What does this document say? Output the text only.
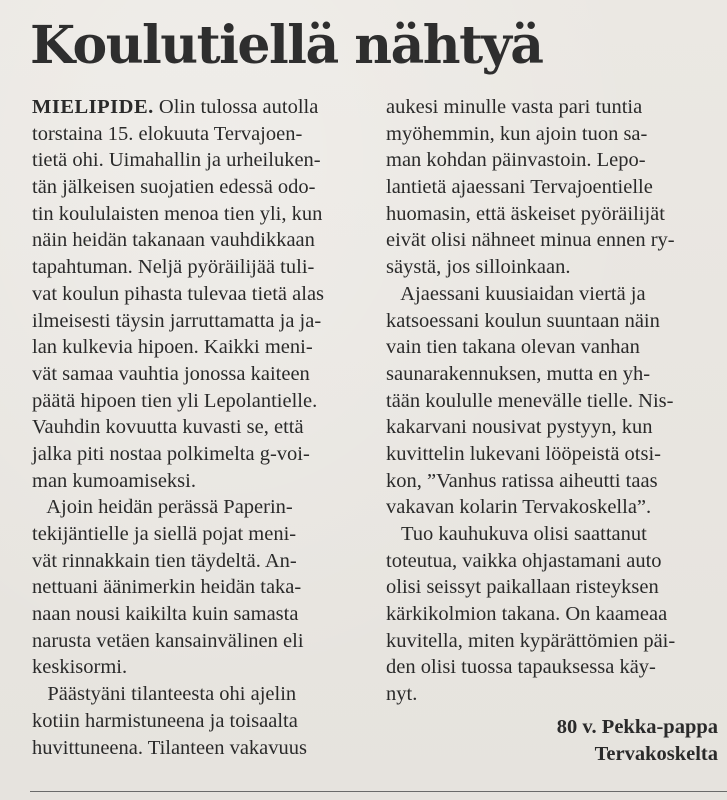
Koulutiellä nähtyä
MIELIPIDE. Olin tulossa autolla
torstaina 15. elokuuta Tervajoen-
tietä ohi. Uimahallin ja urheiluken-
tän jälkeisen suojatien edessä odo-
tin koululaisten menoa tien yli, kun
näin heidän takanaan vauhdikkaan
tapahtuman. Neljä pyöräilijää tuli-
vat koulun pihasta tulevaa tietä alas
ilmeisesti täysin jarruttamatta ja ja-
lan kulkevia hipoen. Kaikki meni-
vät samaa vauhtia jonossa kaiteen
päätä hipoen tien yli Lepolantielle.
Vauhdin kovuutta kuvasti se, että
jalka piti nostaa polkimelta g-voi-
man kumoamiseksi.
Ajoin heidän perässä Paperin-
tekijäntielle ja siellä pojat meni-
vät rinnakkain tien täydeltä. An-
nettuani äänimerkin heidän taka-
naan nousi kaikilta kuin samasta
narusta vetäen kansainvälinen eli
keskisormi.
Päästyäni tilanteesta ohi ajelin
kotiin harmistuneena ja toisaalta
huvittuneena. Tilanteen vakavuus
aukesi minulle vasta pari tuntia
myöhemmin, kun ajoin tuon sa-
man kohdan päinvastoin. Lepo-
lantietä ajaessani Tervajoentielle
huomasin, että äskeiset pyöräilijät
eivät olisi nähneet minua ennen ry-
säystä, jos silloinkaan.
Ajaessani kuusiaidan viertä ja
katsoessani koulun suuntaan näin
vain tien takana olevan vanhan
saunarakennuksen, mutta en yh-
tään koululle menevälle tielle. Nis-
kakarvani nousivat pystyyn, kun
kuvittelin lukevani lööpeistä otsi-
kon, ”Vanhus ratissa aiheutti taas
vakavan kolarin Tervakoskella”.
Tuo kauhukuva olisi saattanut
toteutua, vaikka ohjastamani auto
olisi seissyt paikallaan risteyksen
kärkikolmion takana. On kaameaa
kuvitella, miten kypärättömien päi-
den olisi tuossa tapauksessa käy-
nyt.
80 v. Pekka-pappa
Tervakoskelta
